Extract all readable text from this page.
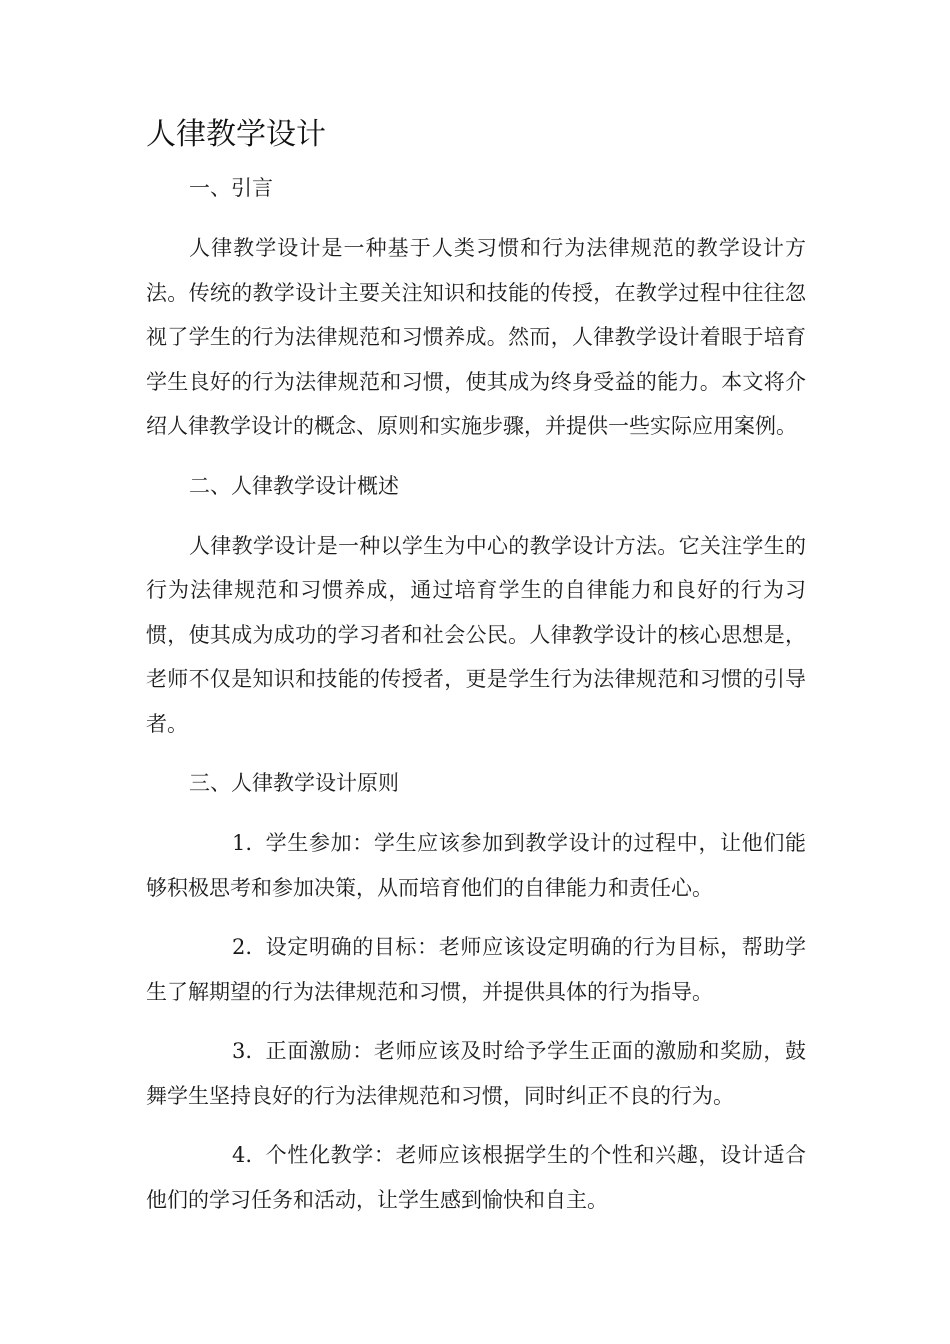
人律教学设计

一、引言

人律教学设计是一种基于人类习惯和行为法律规范的教学设计方法。传统的教学设计主要关注知识和技能的传授，在教学过程中往往忽视了学生的行为法律规范和习惯养成。然而，人律教学设计着眼于培育学生良好的行为法律规范和习惯，使其成为终身受益的能力。本文将介绍人律教学设计的概念、原则和实施步骤，并提供一些实际应用案例。

二、人律教学设计概述

人律教学设计是一种以学生为中心的教学设计方法。它关注学生的行为法律规范和习惯养成，通过培育学生的自律能力和良好的行为习惯，使其成为成功的学习者和社会公民。人律教学设计的核心思想是，老师不仅是知识和技能的传授者，更是学生行为法律规范和习惯的引导者。

三、人律教学设计原则

1. 学生参加：学生应该参加到教学设计的过程中，让他们能够积极思考和参加决策，从而培育他们的自律能力和责任心。

2. 设定明确的目标：老师应该设定明确的行为目标，帮助学生了解期望的行为法律规范和习惯，并提供具体的行为指导。

3. 正面激励：老师应该及时给予学生正面的激励和奖励，鼓舞学生坚持良好的行为法律规范和习惯，同时纠正不良的行为。

4. 个性化教学：老师应该根据学生的个性和兴趣，设计适合他们的学习任务和活动，让学生感到愉快和自主。
